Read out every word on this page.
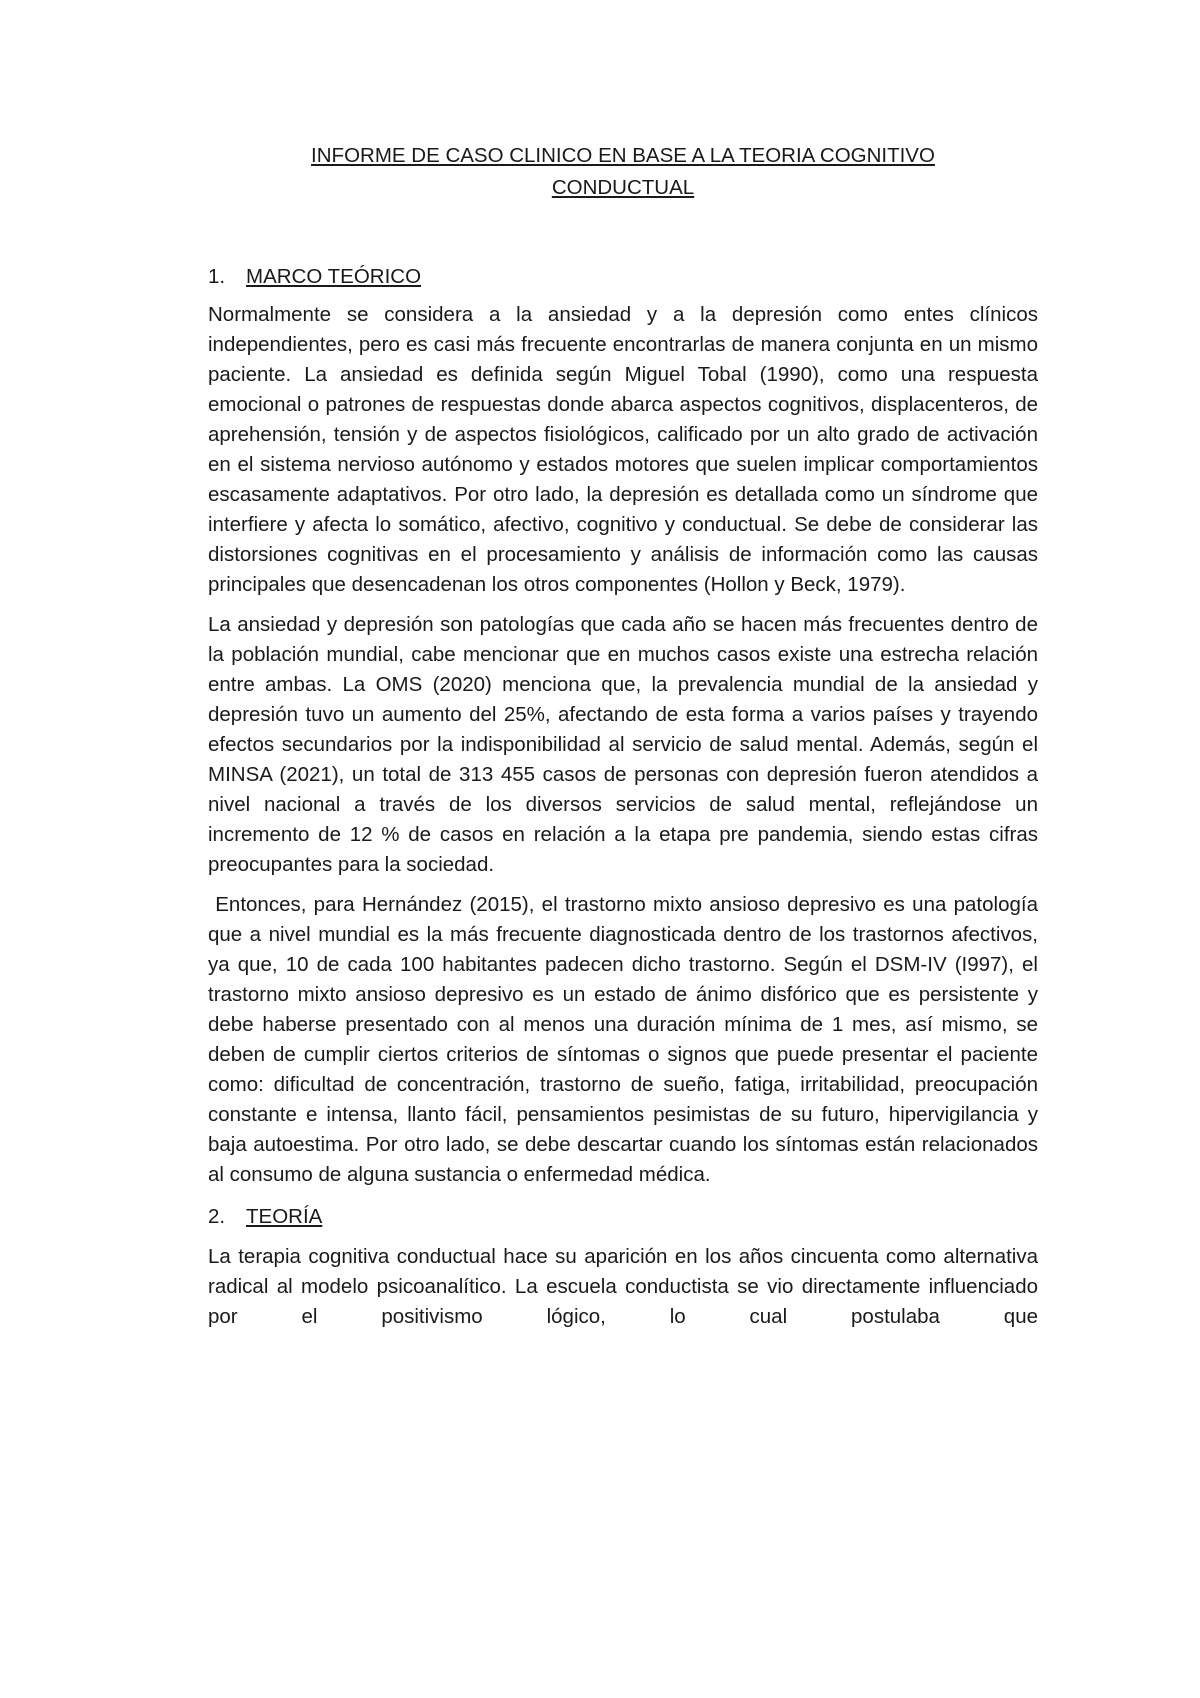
INFORME DE CASO CLINICO EN BASE A LA TEORIA COGNITIVO
CONDUCTUAL
1.	MARCO TEÓRICO

Normalmente se considera a la ansiedad y a la depresión como entes clínicos independientes, pero es casi más frecuente encontrarlas de manera conjunta en un mismo paciente. La ansiedad es definida según Miguel Tobal (1990), como una respuesta emocional o patrones de respuestas donde abarca aspectos cognitivos, displacenteros, de aprehensión, tensión y de aspectos fisiológicos, calificado por un alto grado de activación en el sistema nervioso autónomo y estados motores que suelen implicar comportamientos escasamente adaptativos. Por otro lado, la depresión es detallada como un síndrome que interfiere y afecta lo somático, afectivo, cognitivo y conductual. Se debe de considerar las distorsiones cognitivas en el procesamiento y análisis de información como las causas principales que desencadenan los otros componentes (Hollon y Beck, 1979).

La ansiedad y depresión son patologías que cada año se hacen más frecuentes dentro de la población mundial, cabe mencionar que en muchos casos existe una estrecha relación entre ambas. La OMS (2020) menciona que, la prevalencia mundial de la ansiedad y depresión tuvo un aumento del 25%, afectando de esta forma a varios países y trayendo efectos secundarios por la indisponibilidad al servicio de salud mental. Además, según el MINSA (2021), un total de 313 455 casos de personas con depresión fueron atendidos a nivel nacional a través de los diversos servicios de salud mental, reflejándose un incremento de 12 % de casos en relación a la etapa pre pandemia, siendo estas cifras preocupantes para la sociedad.

Entonces, para Hernández (2015), el trastorno mixto ansioso depresivo es una patología que a nivel mundial es la más frecuente diagnosticada dentro de los trastornos afectivos, ya que, 10 de cada 100 habitantes padecen dicho trastorno. Según el DSM-IV (I997), el trastorno mixto ansioso depresivo es un estado de ánimo disfórico que es persistente y debe haberse presentado con al menos una duración mínima de 1 mes, así mismo, se deben de cumplir ciertos criterios de síntomas o signos que puede presentar el paciente como: dificultad de concentración, trastorno de sueño, fatiga, irritabilidad, preocupación constante e intensa, llanto fácil, pensamientos pesimistas de su futuro, hipervigilancia y baja autoestima. Por otro lado, se debe descartar cuando los síntomas están relacionados al consumo de alguna sustancia o enfermedad médica.

2.	TEORÍA

La terapia cognitiva conductual hace su aparición en los años cincuenta como alternativa radical al modelo psicoanalítico. La escuela conductista se vio directamente influenciado por el positivismo lógico, lo cual postulaba que
